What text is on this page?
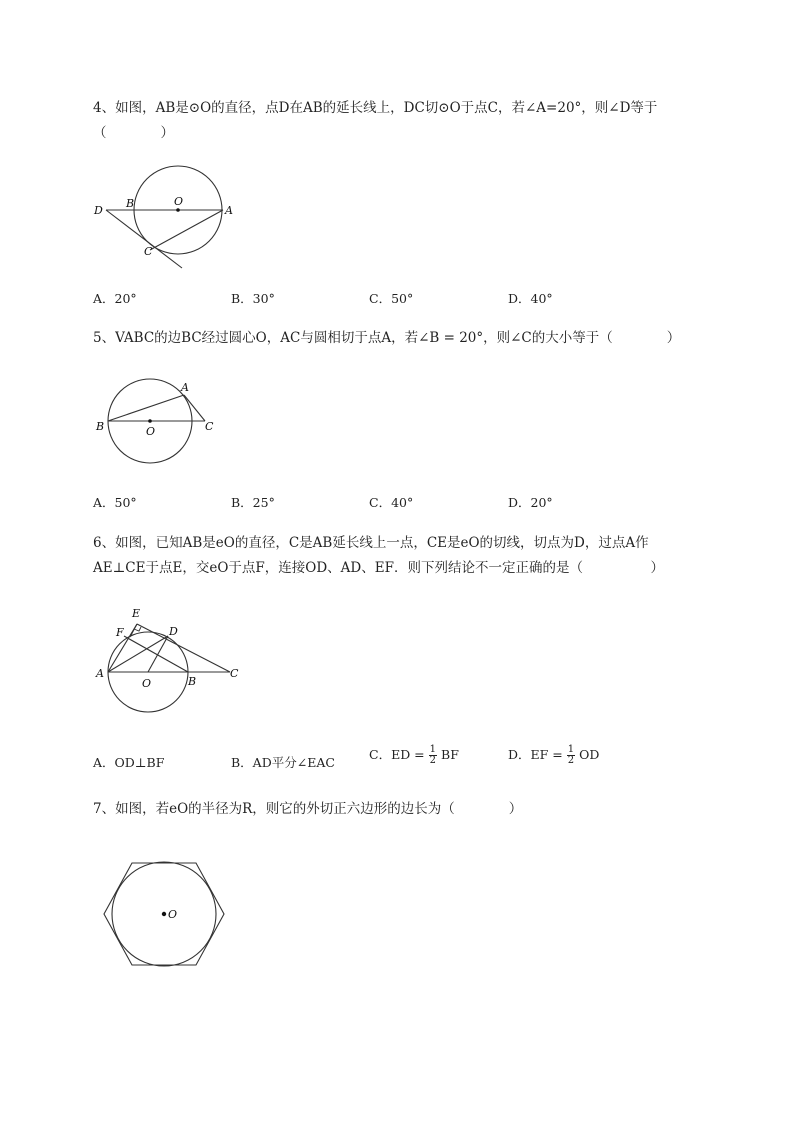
4、如图，AB是⊙O的直径，点D在AB的延长线上，DC切⊙O于点C，若∠A=20°，则∠D等于
（　　　　）
D
B	O
A
C
A．20°	B．30°	C．50°	D．40°
5、VABC的边BC经过圆心O，AC与圆相切于点A，若∠B = 20°，则∠C的大小等于（　　　　）
A
B	O	C
A．50°	B．25°	C．40°	D．20°
6、如图，已知AB是eO的直径，C是AB延长线上一点，CE是eO的切线，切点为D，过点A作
AE⊥CE于点E，交eO于点F，连接OD、AD、EF．则下列结论不一定正确的是（　　　　　）
E
F	D
A
O	B
C
A．OD⊥BF	B．AD平分∠EAC
C．ED = $\frac{1}{2}$ BF	D．EF = $\frac{1}{2}$ OD
7、如图，若eO的半径为R，则它的外切正六边形的边长为（　　　　）
O
